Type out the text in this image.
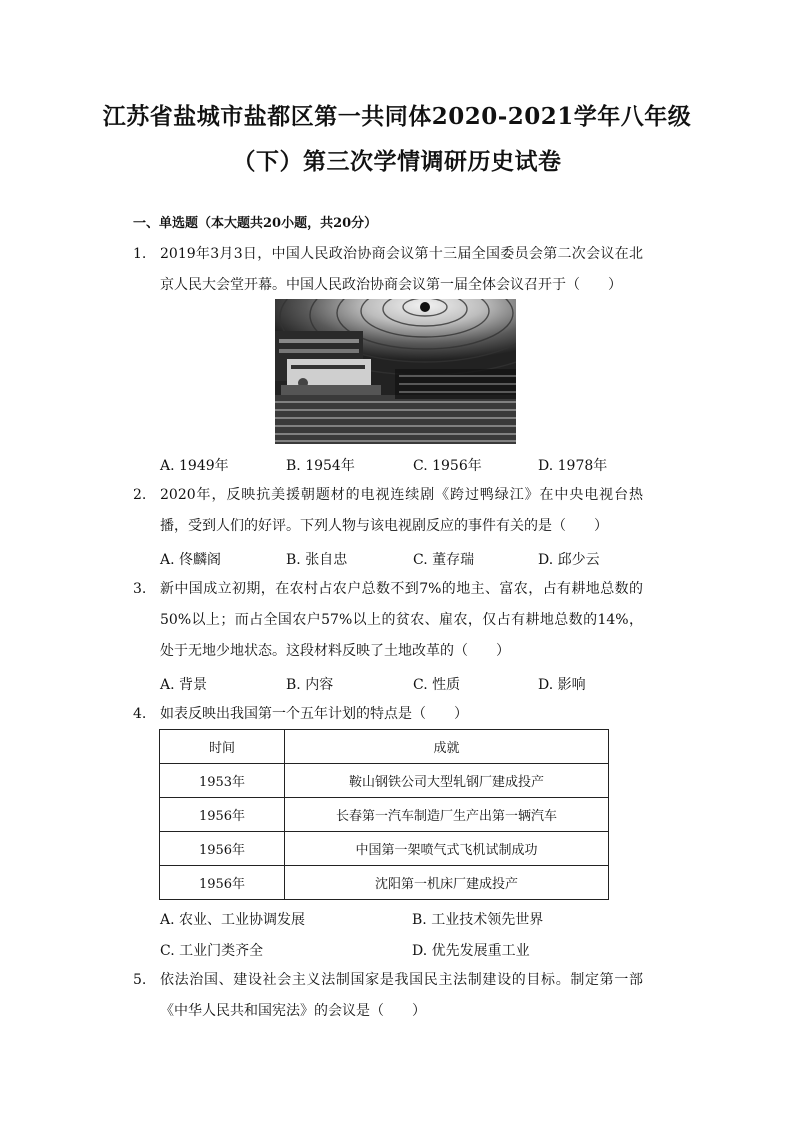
江苏省盐城市盐都区第一共同体2020-2021学年八年级
（下）第三次学情调研历史试卷
一、单选题（本大题共20小题，共20分）
1. 2019年3月3日，中国人民政治协商会议第十三届全国委员会第二次会议在北京人民大会堂开幕。中国人民政治协商会议第一届全体会议召开于（　　）
A. 1949年	B. 1954年	C. 1956年	D. 1978年
2. 2020年，反映抗美援朝题材的电视连续剧《跨过鸭绿江》在中央电视台热播，受到人们的好评。下列人物与该电视剧反应的事件有关的是（　　）
A. 佟麟阁	B. 张自忠	C. 董存瑞	D. 邱少云
3. 新中国成立初期，在农村占农户总数不到7%的地主、富农，占有耕地总数的50%以上；而占全国农户57%以上的贫农、雇农，仅占有耕地总数的14%，处于无地少地状态。这段材料反映了土地改革的（　　）
A. 背景	B. 内容	C. 性质	D. 影响
4. 如表反映出我国第一个五年计划的特点是（　　）
时间	成就
1953年	鞍山钢铁公司大型轧钢厂建成投产
1956年	长春第一汽车制造厂生产出第一辆汽车
1956年	中国第一架喷气式飞机试制成功
1956年	沈阳第一机床厂建成投产
A. 农业、工业协调发展	B. 工业技术领先世界
C. 工业门类齐全	D. 优先发展重工业
5. 依法治国、建设社会主义法制国家是我国民主法制建设的目标。制定第一部《中华人民共和国宪法》的会议是（　　）
